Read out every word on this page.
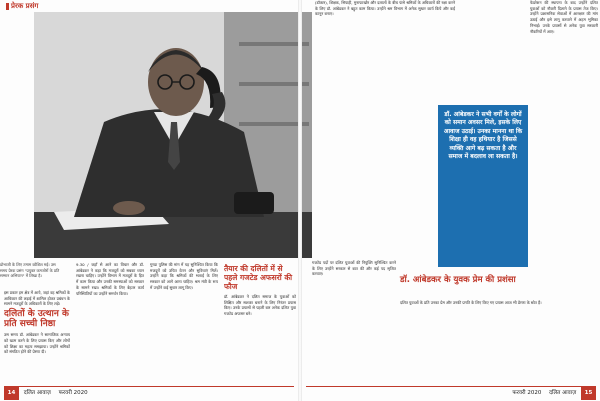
प्रेरक प्रसंग
डोभाजी के लिए तमाम कोशिश मई। उस समय प्रेरक प्रसंग "प्रयुक्त कमजोरों के प्रति सम्मान अभियान" में लिखा है।

इस प्रकार हम क्षेत्र में आये, जहां वह श्रमिकों के आधिकार की लड़ाई में शामिल होकर प्रबंधन के सामने मजदूरों के अधिकारों के लिए लड़े।

दलितों के उत्थान के प्रति सच्ची निष्ठा

उस समय डॉ. आंबेडकर ने सामाजिक अन्याय को खत्म करने के लिए प्रयास किए और लोगों को शिक्षा का महत्व समझाया। उन्होंने श्रमिकों को संगठित होने की प्रेरणा दी।

9.30 / जहाँ से आने का विचार और डॉ. आंबेडकर ने कहा कि मजदूरों को सबका ध्यान रखना चाहिए। उन्होंने विभाग में मजदूरों के हित में काम किया और उनकी समस्याओं को सरकार के सामने रखा। श्रमिकों के लिए बेहतर कार्य परिस्थितियों का उन्होंने समर्थन किया।

गुण्डा पुलिस की मांग में यह सुनिश्चित किया कि मजदूरों को उचित वेतन और सुविधाएं मिलें। उन्होंने कहा कि श्रमिकों की भलाई के लिए सरकार को आगे आना चाहिए। श्रम मंत्री के रूप में उन्होंने कई सुधार लागू किए।

तैयार की दलितों में से पहले गजटेड अफसरों की फौज

डॉ. आंबेडकर ने दलित समाज के युवाओं को शिक्षित और सशक्त बनाने के लिए निरंतर प्रयास किए। उनके प्रयासों से पहली बार अनेक दलित युवा गजटेड अफसर बने।

(डॉक्टर), शिक्षक, सिपाही, मुनाफाखोर और दलालों के बीच फंसे श्रमिकों के अधिकारों की रक्षा करने के लिए डॉ. आंबेडकर ने बहुत काम किया। उन्होंने श्रम विभाग में अनेक सुधार कार्य किये और कई कानून बनाए।
डॉ. आंबेडकर ने सभी वर्गों के लोगों को समान अवसर मिले, इसके लिए आवाज उठाई। उनका मानना था कि शिक्षा ही वह हथियार है जिससे व्यक्ति आगे बढ़ सकता है और समाज में बदलाव ला सकता है।
फेडरेशन की स्थापना के बाद उन्होंने दलित युवाओं को नौकरी दिलाने के प्रयास तेज किए। उन्होंने प्रशासनिक सेवाओं में आरक्षण की मांग उठाई और इसे लागू करवाने में अहम भूमिका निभाई। उनके प्रयासों से अनेक युवा सरकारी नौकरियों में आए।

गजटेड पदों पर दलित युवाओं की नियुक्ति सुनिश्चित करने के लिए उन्होंने सरकार से बात की और कई पद सृजित करवाए।

डॉ. आंबेडकर के युवक प्रेम की प्रशंसा

दलित युवाओं के प्रति उनका प्रेम और उनकी प्रगति के लिए किए गए प्रयास आज भी प्रेरणा के स्रोत हैं।

14 दलित आवाज़ फरवरी 2020	फरवरी 2020 दलित आवाज़ 15
